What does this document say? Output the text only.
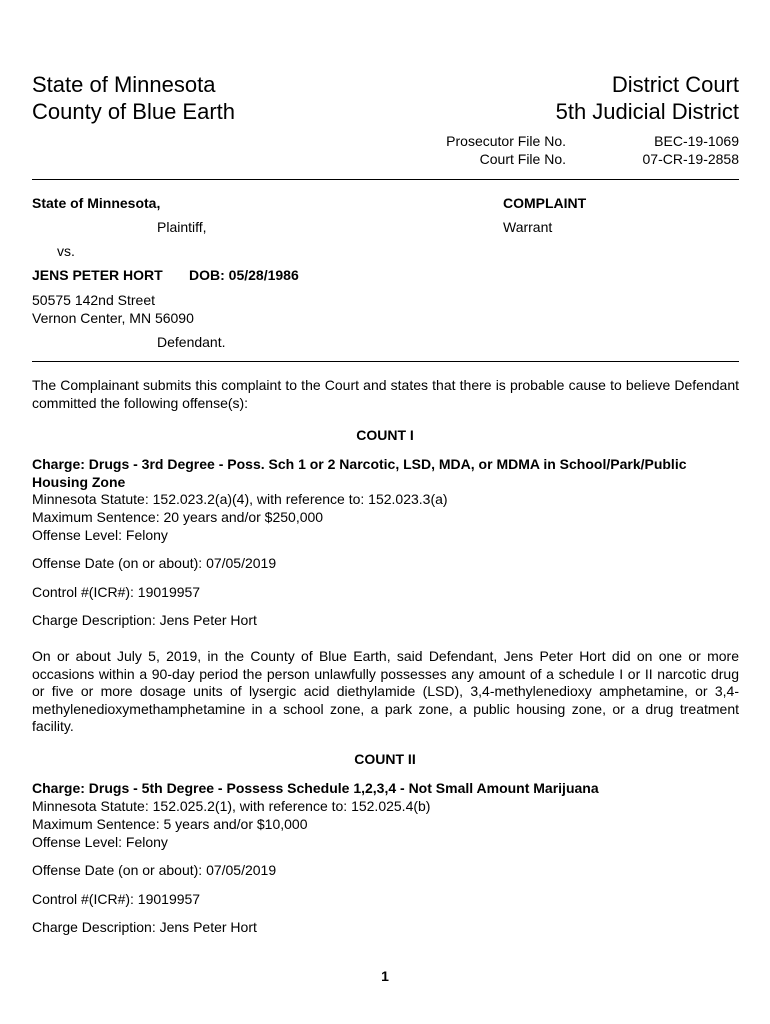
State of Minnesota
County of Blue Earth
District Court
5th Judicial District
Prosecutor File No.	BEC-19-1069
Court File No.	07-CR-19-2858
State of Minnesota,
Plaintiff,
vs.
JENS PETER HORT DOB: 05/28/1986
50575 142nd Street
Vernon Center, MN 56090
Defendant.
COMPLAINT
Warrant
The Complainant submits this complaint to the Court and states that there is probable cause to believe Defendant committed the following offense(s):
COUNT I
Charge: Drugs - 3rd Degree - Poss. Sch 1 or 2 Narcotic, LSD, MDA, or MDMA in School/Park/Public Housing Zone
Minnesota Statute: 152.023.2(a)(4), with reference to: 152.023.3(a)
Maximum Sentence: 20 years and/or $250,000
Offense Level: Felony
Offense Date (on or about): 07/05/2019
Control #(ICR#): 19019957
Charge Description: Jens Peter Hort
On or about July 5, 2019, in the County of Blue Earth, said Defendant, Jens Peter Hort did on one or more occasions within a 90-day period the person unlawfully possesses any amount of a schedule I or II narcotic drug or five or more dosage units of lysergic acid diethylamide (LSD), 3,4-methylenedioxy amphetamine, or 3,4-methylenedioxymethamphetamine in a school zone, a park zone, a public housing zone, or a drug treatment facility.
COUNT II
Charge: Drugs - 5th Degree - Possess Schedule 1,2,3,4 - Not Small Amount Marijuana
Minnesota Statute: 152.025.2(1), with reference to: 152.025.4(b)
Maximum Sentence: 5 years and/or $10,000
Offense Level: Felony
Offense Date (on or about): 07/05/2019
Control #(ICR#): 19019957
Charge Description: Jens Peter Hort
1
